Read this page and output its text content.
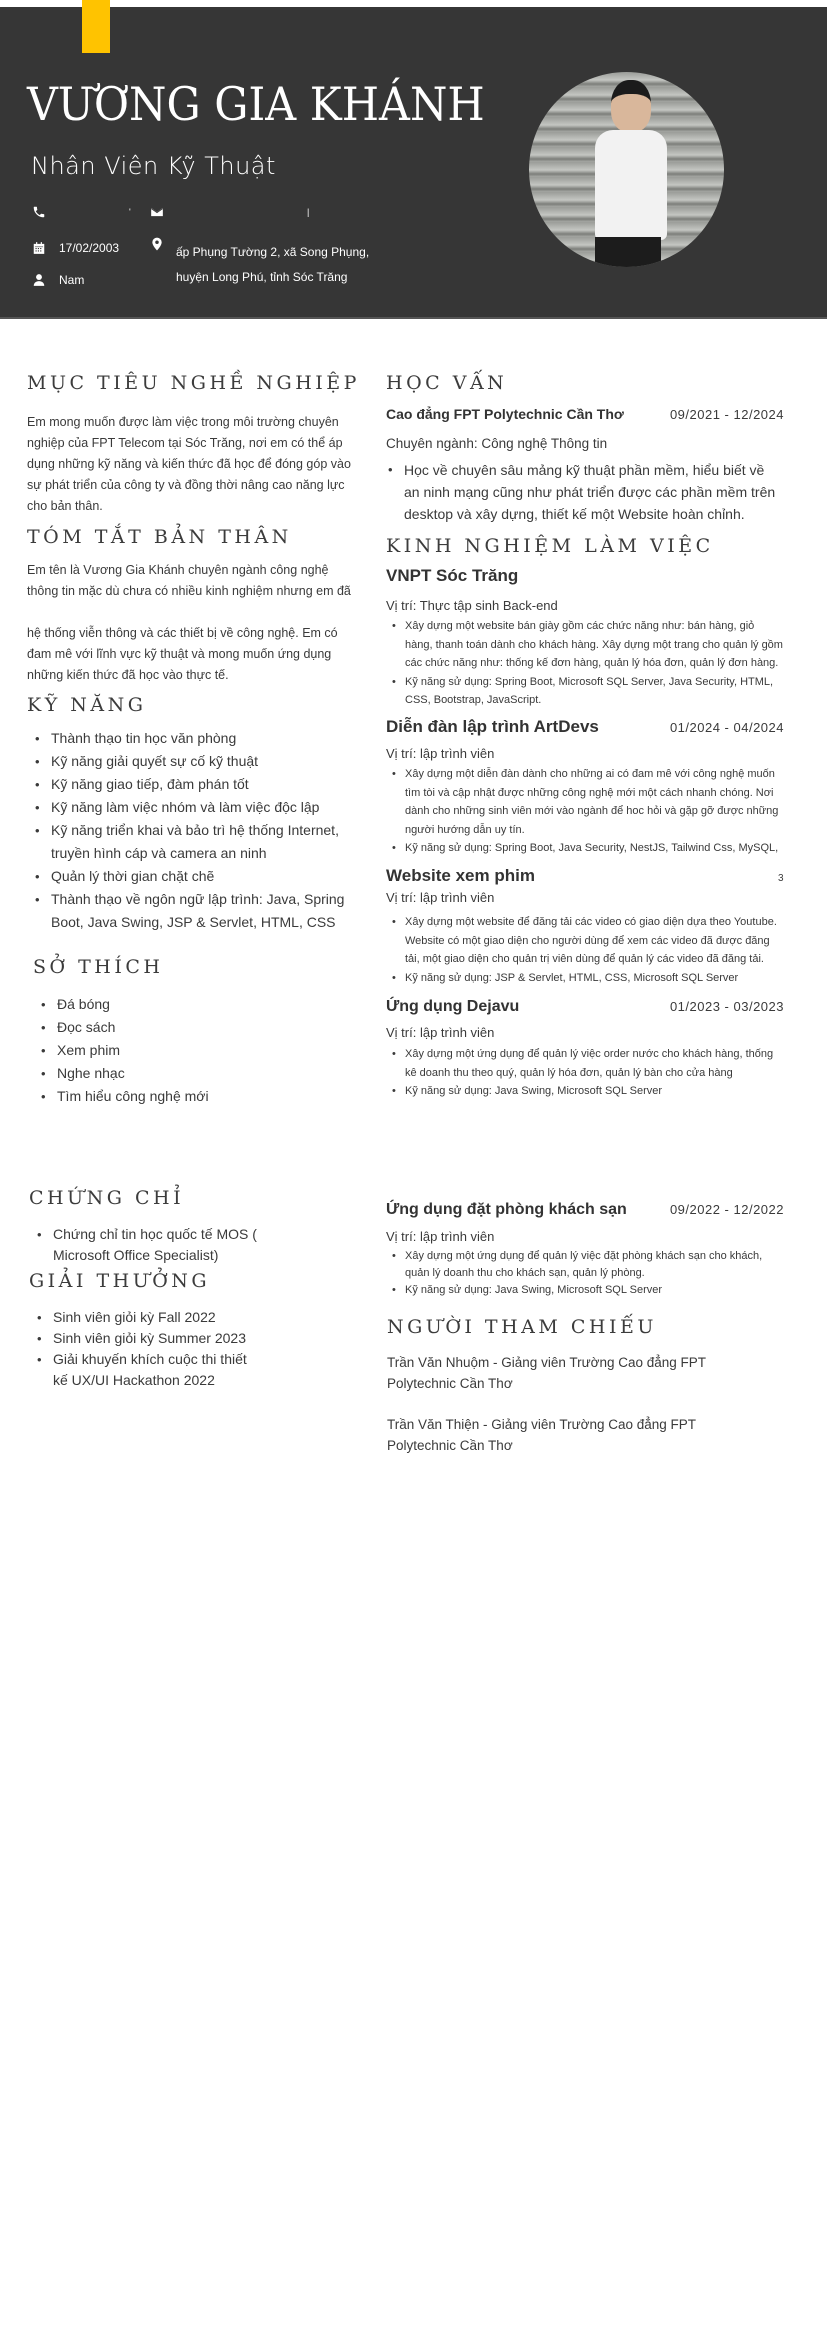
VƯƠNG GIA KHÁNH
Nhân Viên Kỹ Thuật
'	|
17/02/2003
Nam
ấp Phụng Tường 2, xã Song Phụng,
huyện Long Phú, tỉnh Sóc Trăng
MỤC TIÊU NGHỀ NGHIỆP

Em mong muốn được làm việc trong môi trường chuyên nghiệp của FPT Telecom tại Sóc Trăng, nơi em có thể áp dụng những kỹ năng và kiến thức đã học để đóng góp vào sự phát triển của công ty và đồng thời nâng cao năng lực cho bản thân.

TÓM TẮT BẢN THÂN

Em tên là Vương Gia Khánh chuyên ngành công nghệ thông tin mặc dù chưa có nhiều kinh nghiệm nhưng em đã

hệ thống viễn thông và các thiết bị về công nghệ. Em có đam mê với lĩnh vực kỹ thuật và mong muốn ứng dụng những kiến thức đã học vào thực tế.

KỸ NĂNG
• Thành thạo tin học văn phòng
• Kỹ năng giải quyết sự cố kỹ thuật
• Kỹ năng giao tiếp, đàm phán tốt
• Kỹ năng làm việc nhóm và làm việc độc lập
• Kỹ năng triển khai và bảo trì hệ thống Internet, truyền hình cáp và camera an ninh
• Quản lý thời gian chặt chẽ
• Thành thạo về ngôn ngữ lập trình: Java, Spring Boot, Java Swing, JSP & Servlet, HTML, CSS
SỞ THÍCH
• Đá bóng
• Đọc sách
• Xem phim
• Nghe nhạc
• Tìm hiểu công nghệ mới
CHỨNG CHỈ
• Chứng chỉ tin học quốc tế MOS ( Microsoft Office Specialist)
GIẢI THƯỞNG
• Sinh viên giỏi kỳ Fall 2022
• Sinh viên giỏi kỳ Summer 2023
• Giải khuyến khích cuộc thi thiết kế UX/UI Hackathon 2022
HỌC VẤN
Cao đẳng FPT Polytechnic Cần Thơ	09/2021 - 12/2024
Chuyên ngành: Công nghệ Thông tin
• Học về chuyên sâu mảng kỹ thuật phần mềm, hiểu biết về an ninh mạng cũng như phát triển được các phần mềm trên desktop và xây dựng, thiết kế một Website hoàn chỉnh.
KINH NGHIỆM LÀM VIỆC
VNPT Sóc Trăng
Vị trí: Thực tập sinh Back-end
• Xây dựng một website bán giày gồm các chức năng như: bán hàng, giỏ hàng, thanh toán dành cho khách hàng. Xây dựng một trang cho quản lý gồm các chức năng như: thống kế đơn hàng, quản lý hóa đơn, quản lý đơn hàng.
• Kỹ năng sử dụng: Spring Boot, Microsoft SQL Server, Java Security, HTML, CSS, Bootstrap, JavaScript.
Diễn đàn lập trình ArtDevs	01/2024 - 04/2024
Vị trí: lập trình viên
• Xây dựng một diễn đàn dành cho những ai có đam mê với công nghệ muốn tìm tòi và cập nhật được những công nghệ mới một cách nhanh chóng. Nơi dành cho những sinh viên mới vào ngành để hoc hỏi và gặp gỡ được những người hướng dẫn uy tín.
• Kỹ năng sử dụng: Spring Boot, Java Security, NestJS, Tailwind Css, MySQL,
Website xem phim	3
Vị trí: lập trình viên
• Xây dựng một website để đăng tải các video có giao diện dựa theo Youtube. Website có một giao diện cho người dùng để xem các video đã được đăng tải, một giao diện cho quản trị viên dùng để quản lý các video đã đăng tải.
• Kỹ năng sử dụng: JSP & Servlet, HTML, CSS, Microsoft SQL Server
Ứng dụng Dejavu	01/2023 - 03/2023
Vị trí: lập trình viên
• Xây dựng một ứng dụng để quản lý việc order nước cho khách hàng, thống kê doanh thu theo quý, quản lý hóa đơn, quản lý bàn cho cửa hàng
• Kỹ năng sử dụng: Java Swing, Microsoft SQL Server
Ứng dụng đặt phòng khách sạn	09/2022 - 12/2022
Vị trí: lập trình viên
• Xây dựng một ứng dụng để quản lý việc đặt phòng khách sạn cho khách, quản lý doanh thu cho khách sạn, quản lý phòng.
• Kỹ năng sử dụng: Java Swing, Microsoft SQL Server
NGƯỜI THAM CHIẾU

Trần Văn Nhuộm - Giảng viên Trường Cao đẳng FPT Polytechnic Cần Thơ

Trần Văn Thiện - Giảng viên Trường Cao đẳng FPT Polytechnic Cần Thơ
